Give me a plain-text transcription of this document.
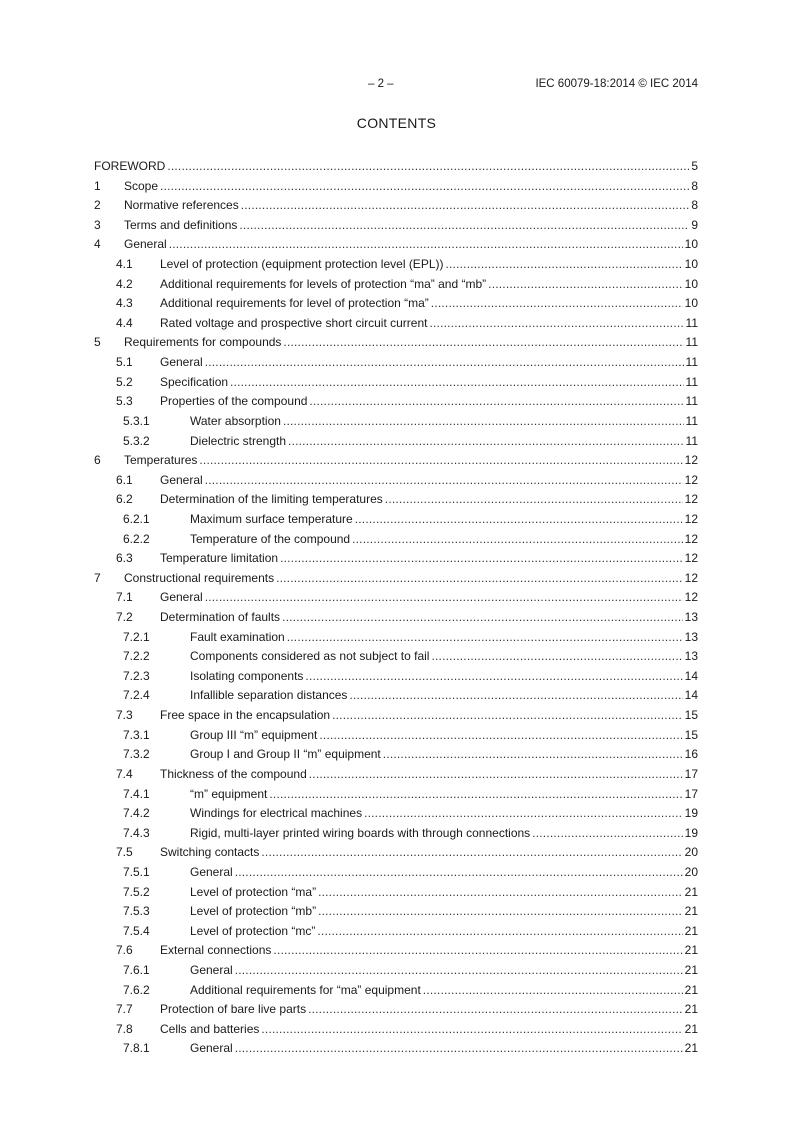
– 2 –	IEC 60079-18:2014 © IEC 2014
CONTENTS
FOREWORD .....	5
1 Scope .....	8
2 Normative references .....	8
3 Terms and definitions .....	9
4 General .....	10
4.1 Level of protection (equipment protection level (EPL)) .....	10
4.2 Additional requirements for levels of protection “ma” and “mb” .....	10
4.3 Additional requirements for level of protection “ma” .....	10
4.4 Rated voltage and prospective short circuit current .....	11
5 Requirements for compounds .....	11
5.1 General .....	11
5.2 Specification .....	11
5.3 Properties of the compound .....	11
5.3.1	Water absorption .....	11
5.3.2	Dielectric strength .....	11
6 Temperatures .....	12
6.1 General .....	12
6.2 Determination of the limiting temperatures .....	12
6.2.1	Maximum surface temperature .....	12
6.2.2	Temperature of the compound .....	12
6.3 Temperature limitation .....	12
7 Constructional requirements .....	12
7.1 General .....	12
7.2 Determination of faults .....	13
7.2.1	Fault examination .....	13
7.2.2	Components considered as not subject to fail .....	13
7.2.3	Isolating components .....	14
7.2.4	Infallible separation distances .....	14
7.3 Free space in the encapsulation .....	15
7.3.1	Group III “m” equipment .....	15
7.3.2	Group I and Group II “m” equipment .....	16
7.4 Thickness of the compound .....	17
7.4.1	“m” equipment .....	17
7.4.2	Windings for electrical machines .....	19
7.4.3	Rigid, multi-layer printed wiring boards with through connections .....	19
7.5 Switching contacts .....	20
7.5.1	General .....	20
7.5.2	Level of protection “ma” .....	21
7.5.3	Level of protection “mb” .....	21
7.5.4	Level of protection “mc” .....	21
7.6 External connections .....	21
7.6.1	General .....	21
7.6.2	Additional requirements for “ma” equipment .....	21
7.7 Protection of bare live parts .....	21
7.8 Cells and batteries .....	21
7.8.1	General .....	21
